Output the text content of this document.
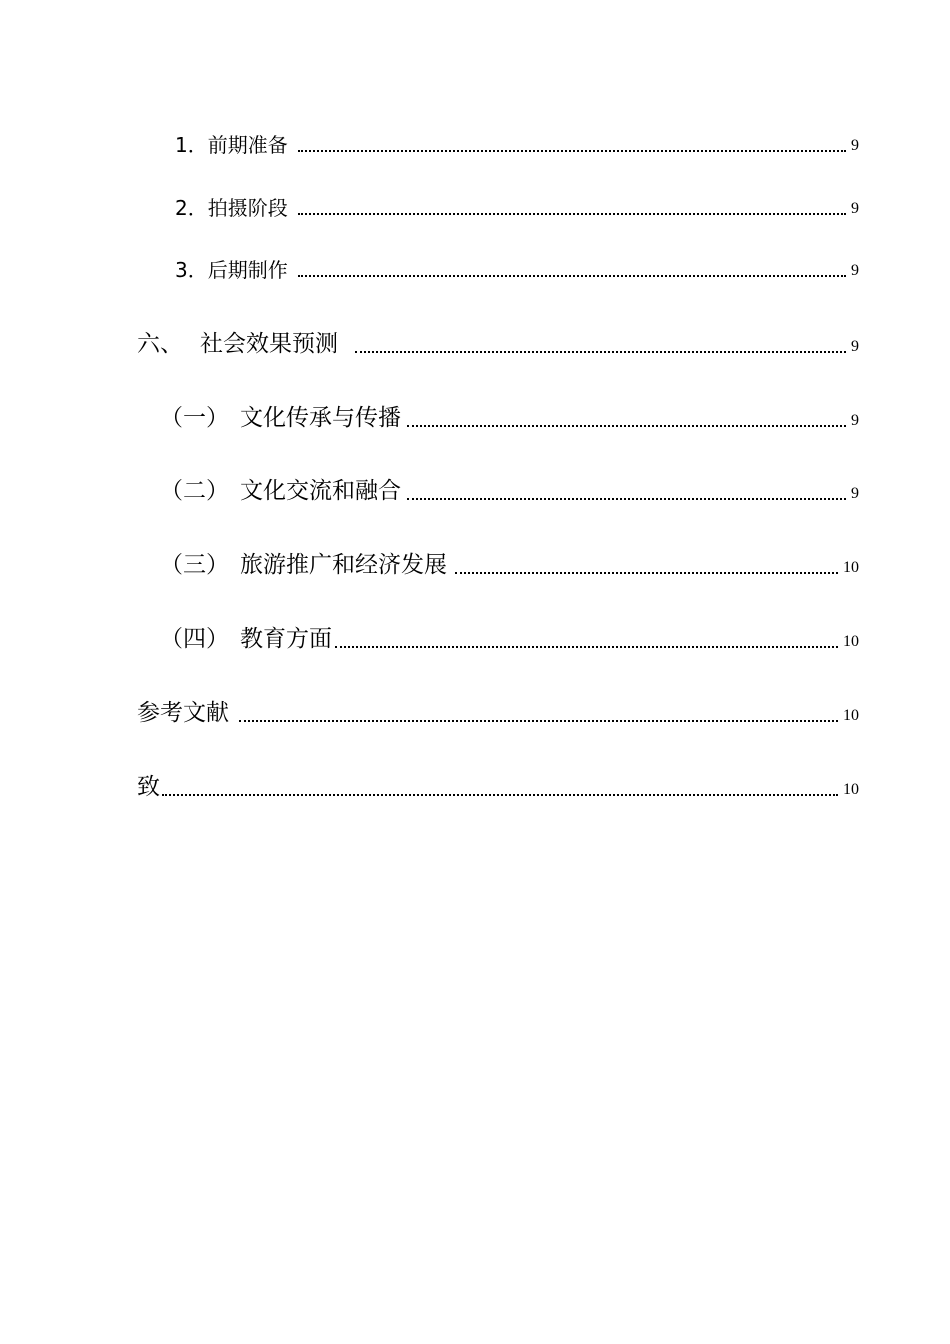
1．前期准备	9
2．拍摄阶段	9
3．后期制作	9
六、 社会效果预测	9
（一） 文化传承与传播	9
（二） 文化交流和融合	9
（三） 旅游推广和经济发展	10
（四） 教育方面	10
参考文献	10
致	10
